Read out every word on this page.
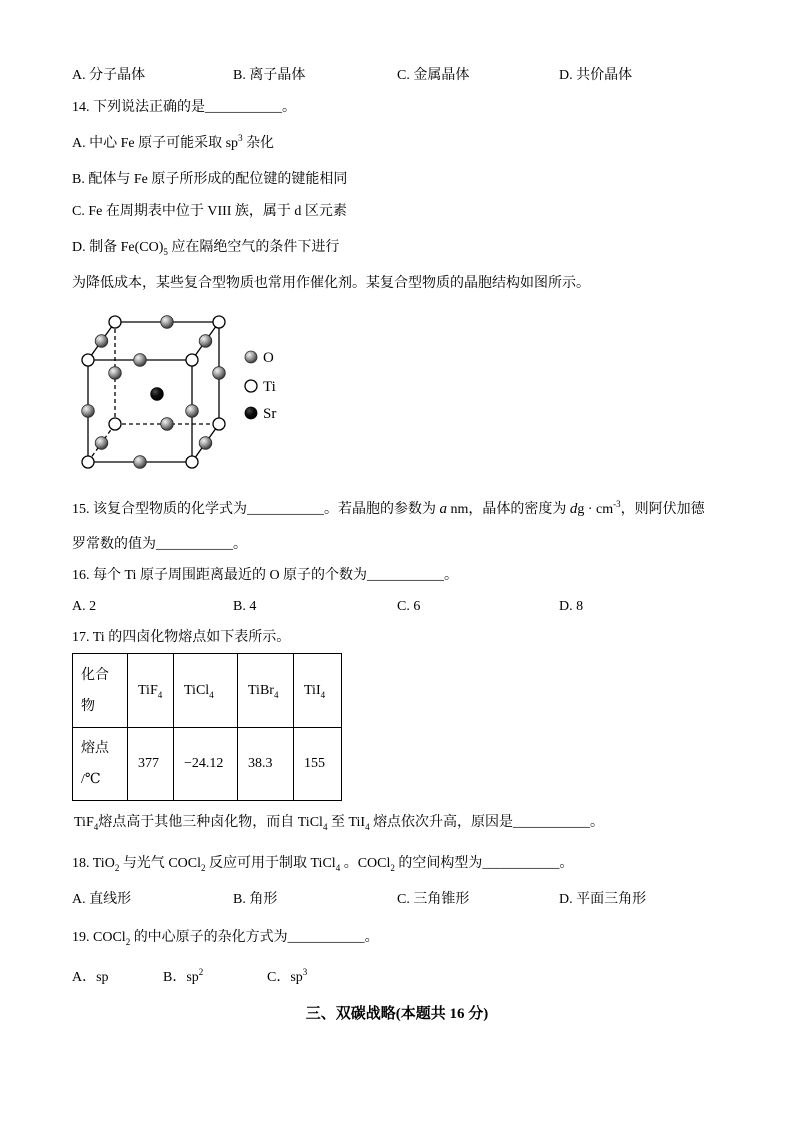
A. 分子晶体	B. 离子晶体	C. 金属晶体	D. 共价晶体
14. 下列说法正确的是___________。
A. 中心 Fe 原子可能采取 $sp^3$ 杂化
B. 配体与 Fe 原子所形成的配位键的键能相同
C. Fe 在周期表中位于 VIII 族，属于 d 区元素
D. 制备 $Fe(CO)_5$ 应在隔绝空气的条件下进行
为降低成本，某些复合型物质也常用作催化剂。某复合型物质的晶胞结构如图所示。
O
Ti
Sr
15. 该复合型物质的化学式为___________。若晶胞的参数为 a nm，晶体的密度为 dg · $cm^{-3}$，则阿伏加德
罗常数的值为___________。
16. 每个 Ti 原子周围距离最近的 O 原子的个数为___________。
A. 2	B. 4	C. 6	D. 8
17. Ti 的四卤化物熔点如下表所示。
化合
物	TiF$_4$	TiCl$_4$	TiBr$_4$	TiI$_4$

熔点
/℃	377	−24.12	38.3	155
TiF$_4$熔点高于其他三种卤化物，而自 TiCl$_4$ 至 TiI$_4$ 熔点依次升高，原因是___________。
18. TiO$_2$ 与光气 COCl$_2$ 反应可用于制取 TiCl$_4$ 。COCl$_2$ 的空间构型为___________。
A. 直线形	B. 角形	C. 三角锥形	D. 平面三角形
19. COCl$_2$ 的中心原子的杂化方式为___________。
A．sp	B．$sp^2$	C．$sp^3$
三、双碳战略(本题共 16 分)
